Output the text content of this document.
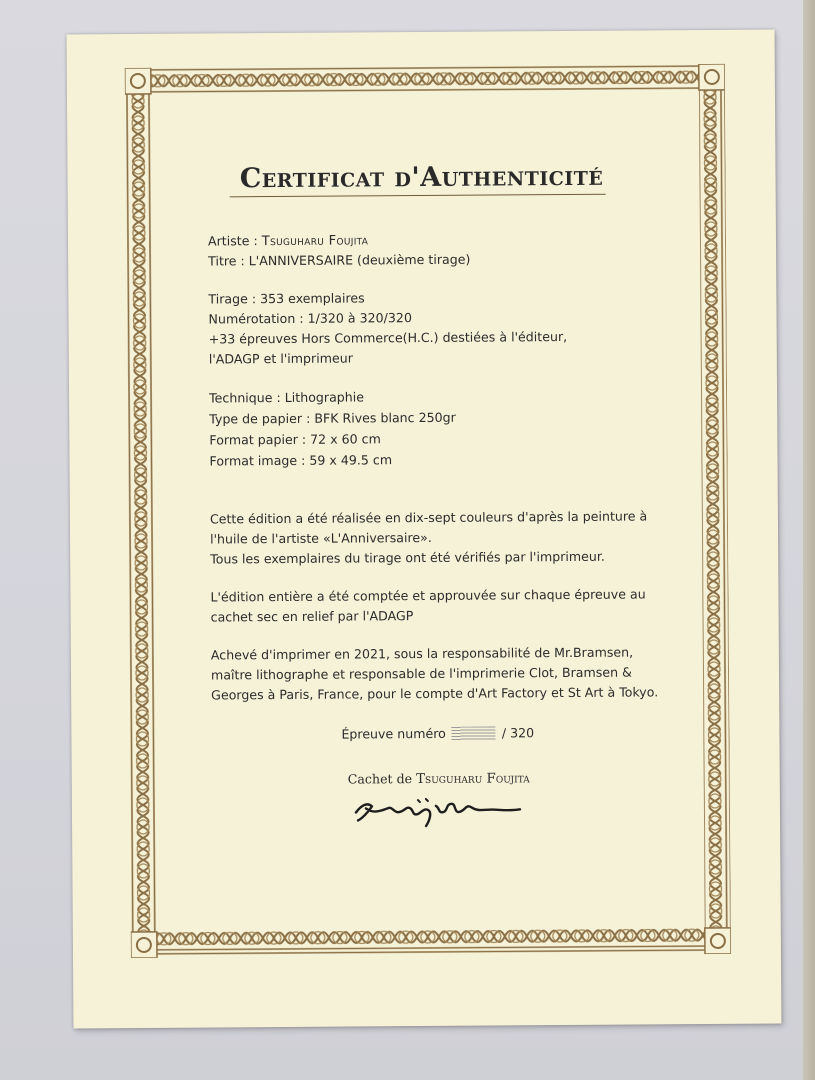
Certificat d'Authenticité
Artiste : Tsuguharu Foujita
Titre : L'ANNIVERSAIRE (deuxième tirage)
Tirage : 353 exemplaires
Numérotation : 1/320 à 320/320
+33 épreuves Hors Commerce(H.C.) destiées à l'éditeur,
l'ADAGP et l'imprimeur
Technique : Lithographie
Type de papier : BFK Rives blanc 250gr
Format papier : 72 x 60 cm
Format image : 59 x 49.5 cm
Cette édition a été réalisée en dix-sept couleurs d'après la peinture à
l'huile de l'artiste «L'Anniversaire».
Tous les exemplaires du tirage ont été vérifiés par l'imprimeur.
L'édition entière a été comptée et approuvée sur chaque épreuve au
cachet sec en relief par l'ADAGP
Achevé d'imprimer en 2021, sous la responsabilité de Mr.Bramsen,
maître lithographe et responsable de l'imprimerie Clot, Bramsen &
Georges à Paris, France, pour le compte d'Art Factory et St Art à Tokyo.
Épreuve numéro	/ 320
Cachet de Tsuguharu Foujita
